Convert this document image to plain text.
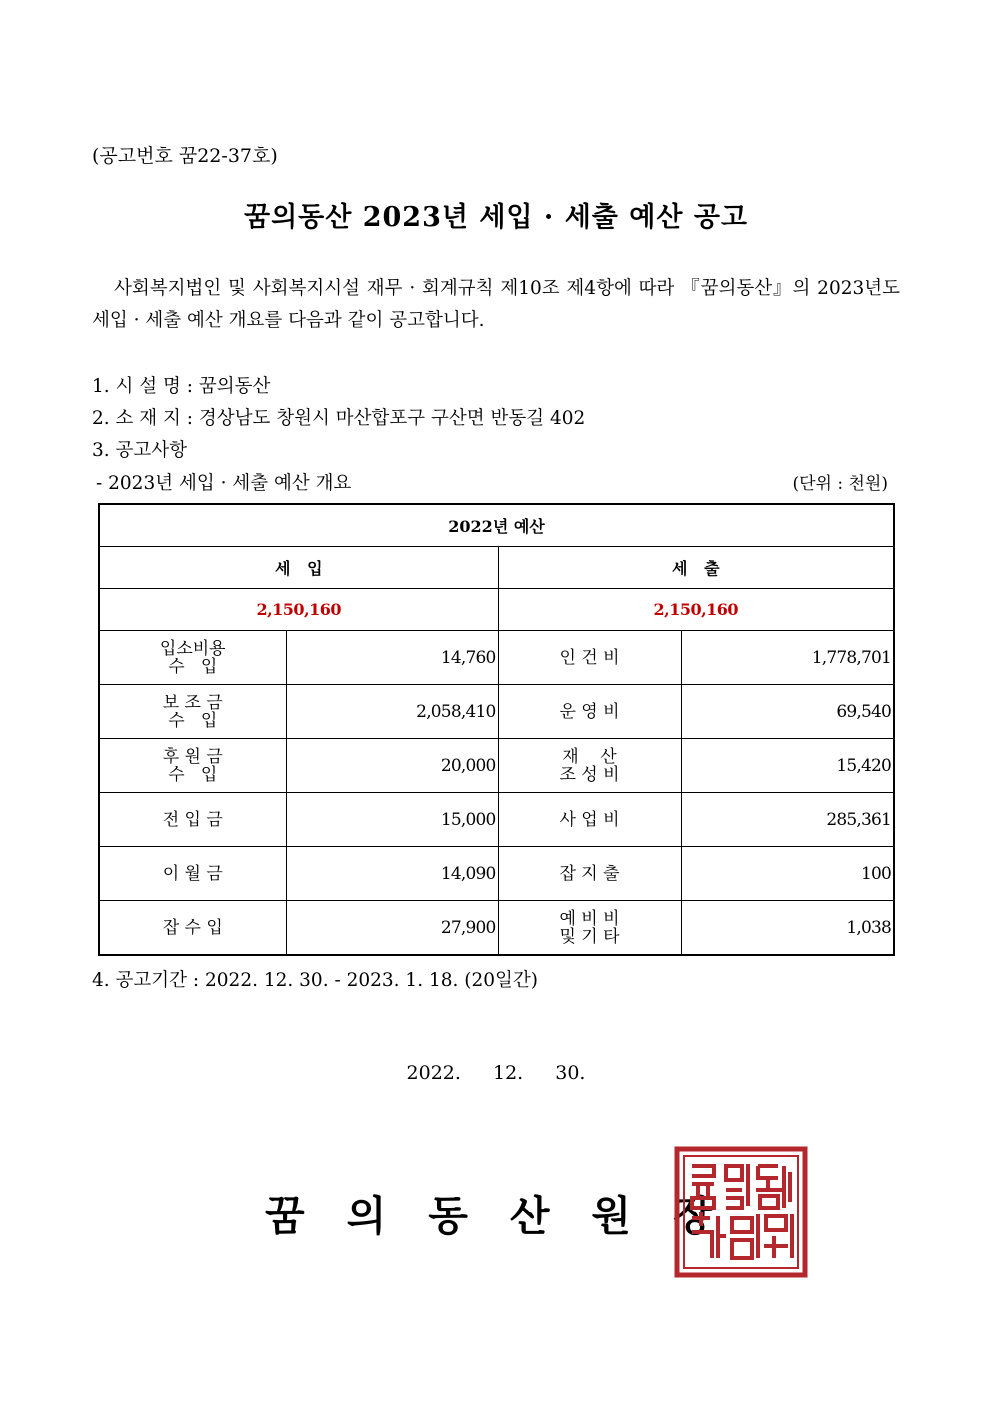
(공고번호 꿈22-37호)
꿈의동산 2023년 세입 · 세출 예산 공고
사회복지법인 및 사회복지시설 재무 · 회계규칙 제10조 제4항에 따라 『꿈의동산』의 2023년도 세입 · 세출 예산 개요를 다음과 같이 공고합니다.
1. 시 설 명 : 꿈의동산
2. 소 재 지 : 경상남도 창원시 마산합포구 구산면 반동길 402
3. 공고사항
- 2023년 세입 · 세출 예산 개요	(단위 : 천원)
2022년 예산			
세   입		세   출	
2,150,160		2,150,160	

입소비용
수   입	14,760	인 건 비	1,778,701

보 조 금
수   입	2,058,410	운 영 비	69,540

후 원 금
수   입	20,000	재    산
조 성 비	15,420

전 입 금	15,000	사 업 비	285,361

이 월 금	14,090	잡 지 출	100

잡 수 입	27,900	예 비 비
및 기 타	1,038
4. 공고기간 : 2022. 12. 30. - 2023. 1. 18. (20일간)
2022. 12. 30.
꿈의동산원장
